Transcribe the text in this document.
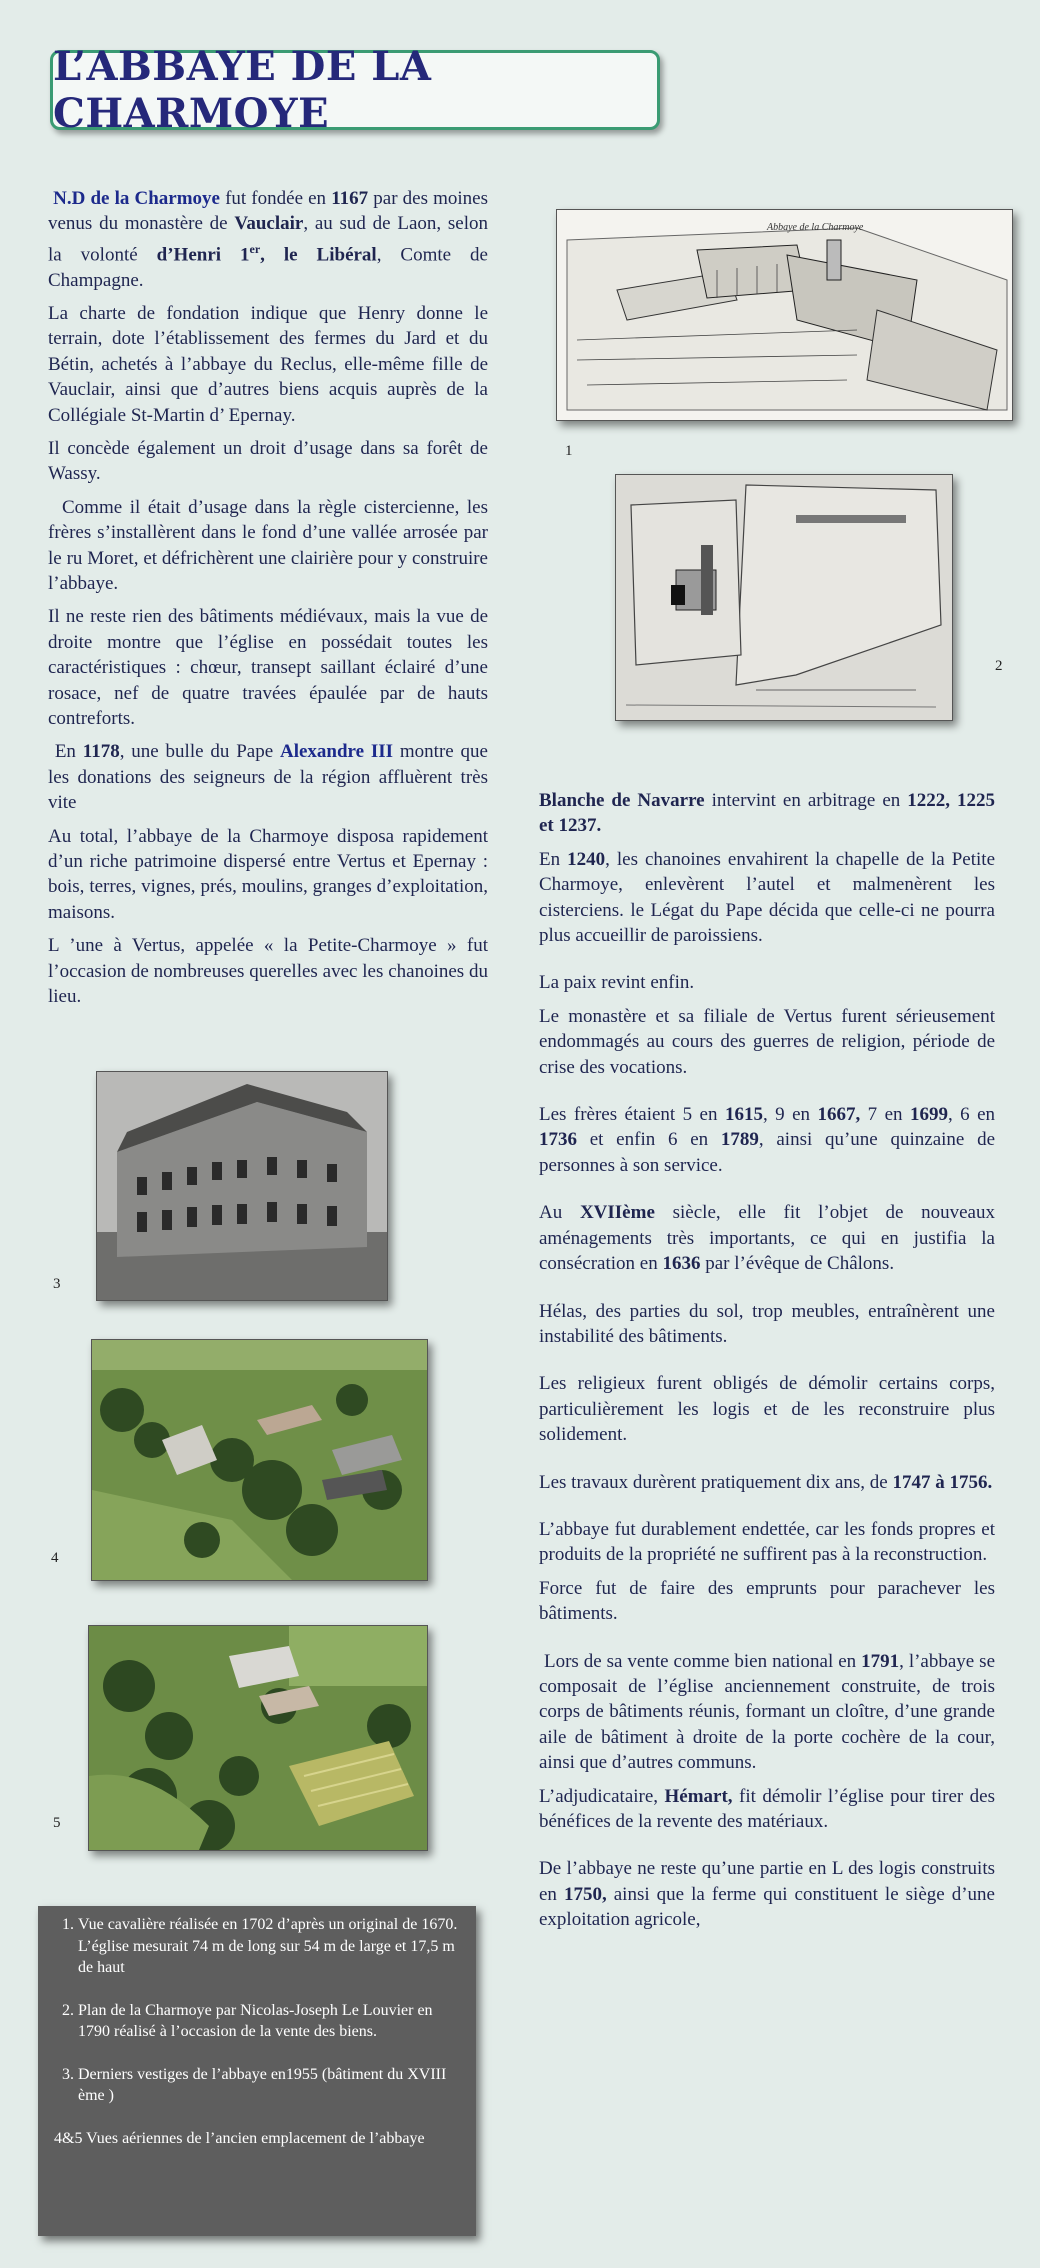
L’ABBAYE DE LA CHARMOYE

N.D de la Charmoye fut fondée en 1167 par des moines venus du monastère de Vauclair, au sud de Laon, selon la volonté d’Henri 1er, le Libéral, Comte de Champagne.

La charte de fondation indique que Henry donne le terrain, dote l’établissement des fermes du Jard et du Bétin, achetés à l’abbaye du Reclus, elle-même fille de Vauclair, ainsi que d’autres biens acquis auprès de la Collégiale St-Martin d’ Epernay.

Il concède également un droit d’usage dans sa forêt de Wassy.

Comme il était d’usage dans la règle cistercienne, les frères s’installèrent dans le fond d’une vallée arrosée par le ru Moret, et défrichèrent une clairière pour y construire l’abbaye.

Il ne reste rien des bâtiments médiévaux, mais la vue de droite montre que l’église en possédait toutes les caractéristiques : chœur, transept saillant éclairé d’une rosace, nef de quatre travées épaulée par de hauts contreforts.

En 1178, une bulle du Pape Alexandre III montre que les donations des seigneurs de la région affluèrent très vite

Au total, l’abbaye de la Charmoye disposa rapidement d’un riche patrimoine dispersé entre Vertus et Epernay : bois, terres, vignes, prés, moulins, granges d’exploitation, maisons.

L ’une à Vertus, appelée « la Petite-Charmoye » fut l’occasion de nombreuses querelles avec les chanoines du lieu.

Blanche de Navarre intervint en arbitrage en 1222, 1225 et 1237.

En 1240, les chanoines envahirent la chapelle de la Petite Charmoye, enlevèrent l’autel et malmenèrent les cisterciens. le Légat du Pape décida que celle-ci ne pourra plus accueillir de paroissiens.

La paix revint enfin.

Le monastère et sa filiale de Vertus furent sérieusement endommagés au cours des guerres de religion, période de crise des vocations.

Les frères étaient 5 en 1615, 9 en 1667, 7 en 1699, 6 en 1736 et enfin 6 en 1789, ainsi qu’une quinzaine de personnes à son service.

Au XVIIème siècle, elle fit l’objet de nouveaux aménagements très importants, ce qui en justifia la consécration en 1636 par l’évêque de Châlons.

Hélas, des parties du sol, trop meubles, entraînèrent une instabilité des bâtiments.

Les religieux furent obligés de démolir certains corps, particulièrement les logis et de les reconstruire plus solidement.

Les travaux durèrent pratiquement dix ans, de 1747 à 1756.

L’abbaye fut durablement endettée, car les fonds propres et produits de la propriété ne suffirent pas à la reconstruction.

Force fut de faire des emprunts pour parachever les bâtiments.

Lors de sa vente comme bien national en 1791, l’abbaye se composait de l’église anciennement construite, de trois corps de bâtiments réunis, formant un cloître, d’une grande aile de bâtiment à droite de la porte cochère de la cour, ainsi que d’autres communs.

L’adjudicataire, Hémart, fit démolir l’église pour tirer des bénéfices de la revente des matériaux.

De l’abbaye ne reste qu’une partie en L des logis construits en 1750, ainsi que la ferme qui constituent le siège d’une exploitation agricole,

Abbaye de la Charmoye
1
2
3
4
5
1. Vue cavalière réalisée en 1702 d’après un original de 1670. L’église mesurait 74 m de long sur 54 m de large et 17,5 m de haut
2. Plan de la Charmoye par Nicolas-Joseph Le Louvier en 1790 réalisé à l’occasion de la vente des biens.
3. Derniers vestiges de l’abbaye en1955 (bâtiment du XVIII ème )
4&5 Vues aériennes de l’ancien emplacement de l’abbaye
